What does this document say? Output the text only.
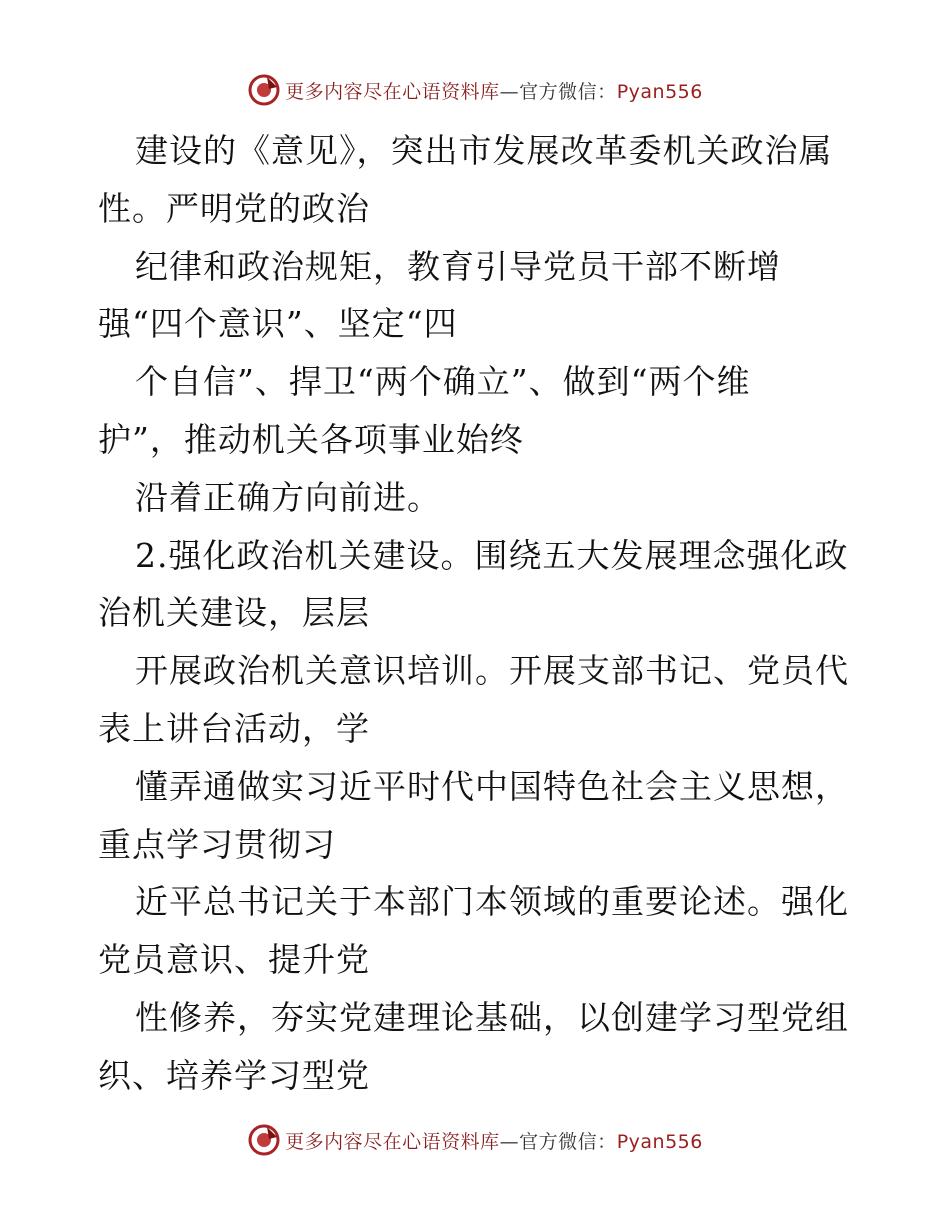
更多内容尽在心语资料库—官方微信：Pyan556
建设的《意见》，突出市发展改革委机关政治属
性。严明党的政治
纪律和政治规矩，教育引导党员干部不断增
强“四个意识”、坚定“四
个自信”、捍卫“两个确立”、做到“两个维
护”，推动机关各项事业始终
沿着正确方向前进。
2.强化政治机关建设。围绕五大发展理念强化政
治机关建设，层层
开展政治机关意识培训。开展支部书记、党员代
表上讲台活动，学
懂弄通做实习近平时代中国特色社会主义思想，
重点学习贯彻习
近平总书记关于本部门本领域的重要论述。强化
党员意识、提升党
性修养，夯实党建理论基础，以创建学习型党组
织、培养学习型党
更多内容尽在心语资料库—官方微信：Pyan556
